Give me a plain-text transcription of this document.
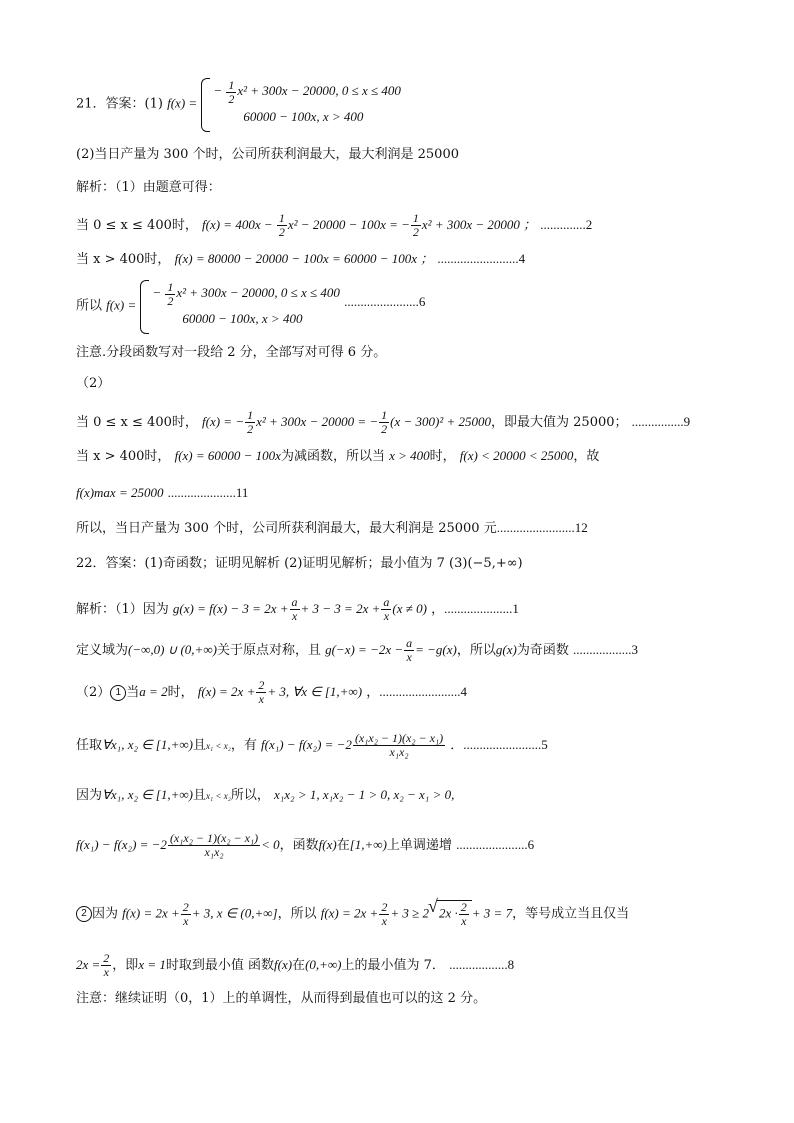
21．答案：(1) f(x) =
− $\frac{1}{2} x^2 + 300x - 20000$, 0 ≤ x ≤ 400
60000 − 100x, x > 400
(2)当日产量为 300 个时，公司所获利润最大，最大利润是 25000
解析：（1）由题意可得：
当 0 ≤ x ≤ 400时， $f(x) = 400x - \frac{1}{2} x^2 - 20000 - 100x$ = − $\frac{1}{2} x^2 + 300x - 20000$ ； ..............2
当 x > 400时， f(x) = 80000 − 20000 − 100x = 60000 − 100x ； .........................4
所以 f(x) =
− $\frac{1}{2} x^2 + 300x - 20000$, 0 ≤ x ≤ 400
60000 − 100x, x > 400
.......................6
注意.分段函数写对一段给 2 分，全部写对可得 6 分。
（2）
当 0 ≤ x ≤ 400时， f(x) = − $\frac{1}{2} x^2 + 300x - 20000$ = − $\frac{1}{2} (x - 300)^2 + 25000$，即最大值为 25000； ................9
当 x > 400时， f(x) = 60000 − 100x为减函数，所以当 x > 400时， f(x) < 20000 < 25000，故
f(x)max = 25000 .....................11
所以，当日产量为 300 个时，公司所获利润最大，最大利润是 25000 元........................12
22．答案：(1)奇函数；证明见解析 (2)证明见解析；最小值为 7 (3)(−5,+∞)
解析：（1）因为 $g(x) = f(x) - 3 = 2x + \frac{a}{x} + 3 - 3 = 2x + \frac{a}{x} (x \ne 0)$ ，.....................1
定义域为(−∞,0) ∪ (0,+∞)关于原点对称，且 $g(-x) = -2x - \frac{a}{x} = -g(x)$，所以g(x)为奇函数 ..................3
（2） 1 当a = 2时， $f(x) = 2x + \frac{2}{x} + 3$, ∀x ∈ [1,+∞) ，.........................4
任取∀x₁, x₂ ∈ [1,+∞)且x₁ < x₂，有 $f(x_1) - f(x_2) = -2 \frac{\text{(x₁x₂ − 1)(x₂ − x₁)}}{\text{x₁x₂}}$ ．........................5
因为∀x₁, x₂ ∈ [1,+∞)且x₁ < x₂所以， x₁x₂ > 1, x₁x₂ − 1 > 0, x₂ − x₁ > 0,
$f(x_1) - f(x_2) = -2 \frac{\text{(x₁x₂ − 1)(x₂ − x₁)}}{\text{x₁x₂}} < 0$，函数f(x)在[1,+∞)上单调递增 ......................6
2 因为 $f(x) = 2x + \frac{2}{x} + 3$, x ∈ (0,+∞]，所以 $f(x) = 2x + \frac{2}{x} + 3 \ge 2$ √ $2x \cdot \frac{2}{x} + 3 = 7$，等号成立当且仅当
$2x = \frac{2}{x}$ ，即x = 1时取到最小值 函数f(x)在(0,+∞)上的最小值为 7． ..................8
注意：继续证明（0，1）上的单调性，从而得到最值也可以的这 2 分。
